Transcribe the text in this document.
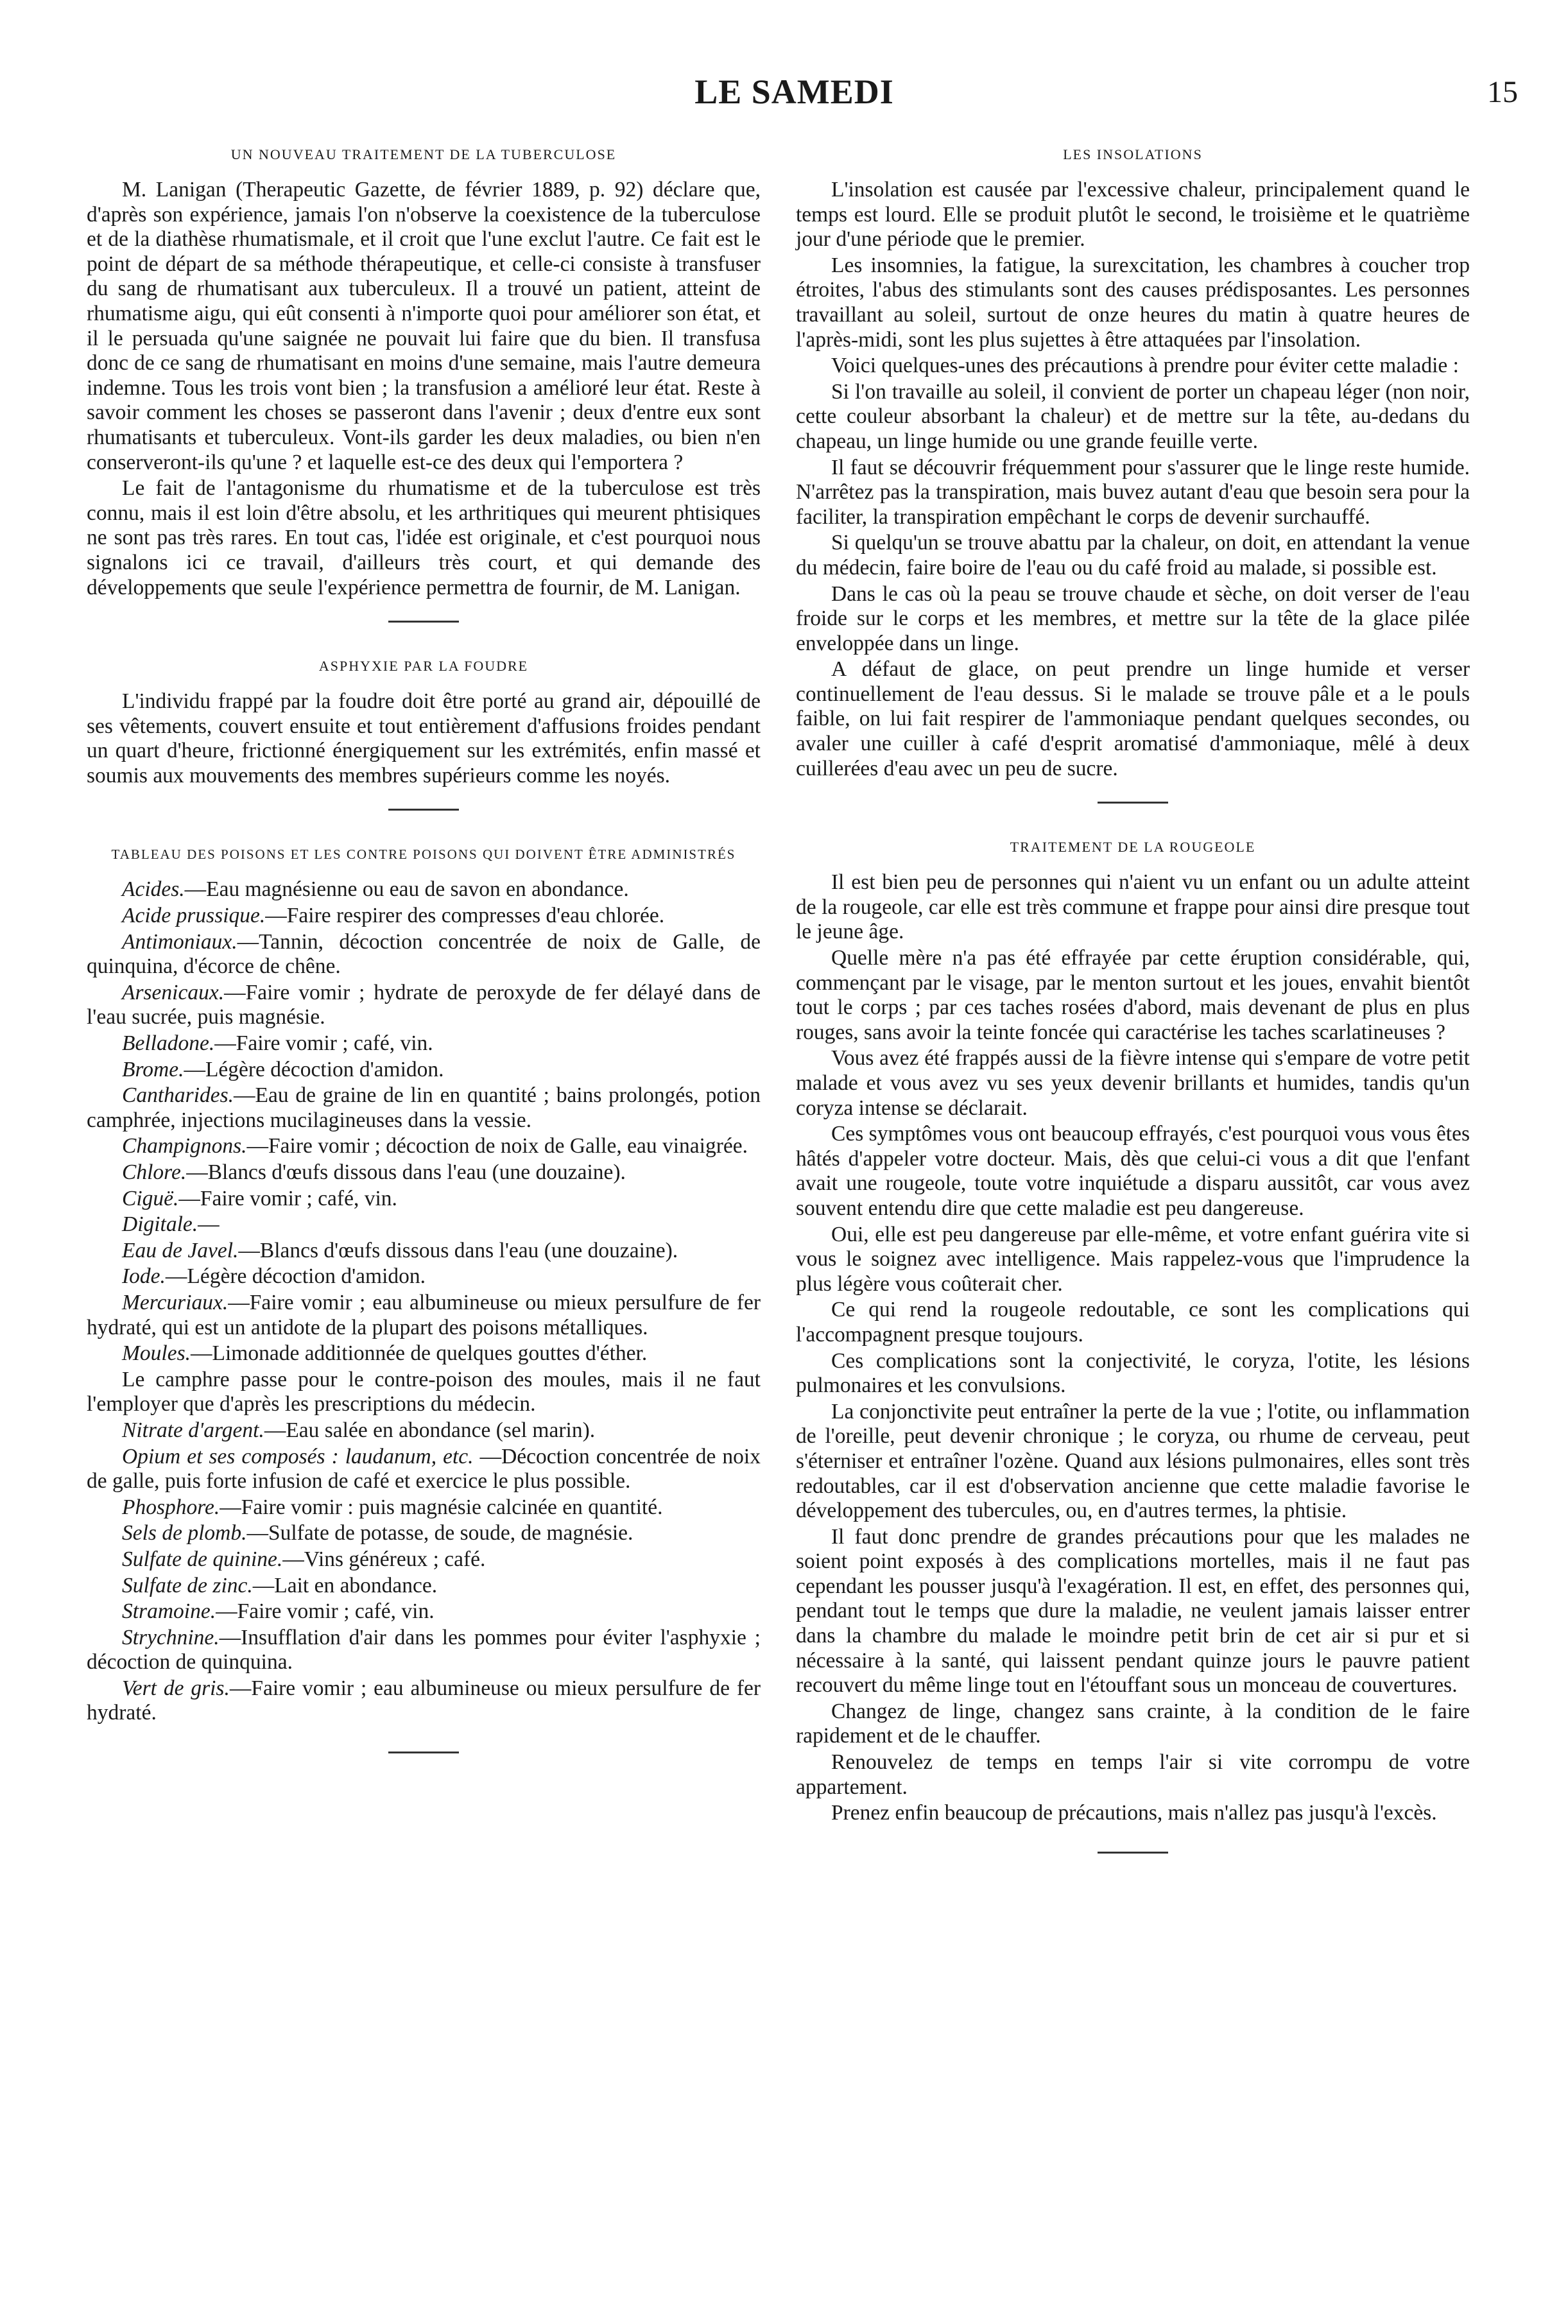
LE SAMEDI	15
UN NOUVEAU TRAITEMENT DE LA TUBERCULOSE

M. Lanigan (Therapeutic Gazette, de février 1889, p. 92) déclare que, d'après son expérience, jamais l'on n'observe la coexistence de la tuberculose et de la diathèse rhumatismale, et il croit que l'une exclut l'autre. Ce fait est le point de départ de sa méthode thérapeutique, et celle-ci consiste à transfuser du sang de rhumatisant aux tuberculeux. Il a trouvé un patient, atteint de rhumatisme aigu, qui eût consenti à n'importe quoi pour améliorer son état, et il le persuada qu'une saignée ne pouvait lui faire que du bien. Il transfusa donc de ce sang de rhumatisant en moins d'une semaine, mais l'autre demeura indemne. Tous les trois vont bien ; la transfusion a amélioré leur état. Reste à savoir comment les choses se passeront dans l'avenir ; deux d'entre eux sont rhumatisants et tuberculeux. Vont-ils garder les deux maladies, ou bien n'en conserveront-ils qu'une ? et laquelle est-ce des deux qui l'emportera ?

Le fait de l'antagonisme du rhumatisme et de la tuberculose est très connu, mais il est loin d'être absolu, et les arthritiques qui meurent phtisiques ne sont pas très rares. En tout cas, l'idée est originale, et c'est pourquoi nous signalons ici ce travail, d'ailleurs très court, et qui demande des développements que seule l'expérience permettra de fournir, de M. Lanigan.

ASPHYXIE PAR LA FOUDRE

L'individu frappé par la foudre doit être porté au grand air, dépouillé de ses vêtements, couvert ensuite et tout entièrement d'affusions froides pendant un quart d'heure, frictionné énergiquement sur les extrémités, enfin massé et soumis aux mouvements des membres supérieurs comme les noyés.

TABLEAU DES POISONS ET LES CONTRE POISONS QUI DOIVENT ÊTRE ADMINISTRÉS

Acides.—Eau magnésienne ou eau de savon en abondance.

Acide prussique.—Faire respirer des compresses d'eau chlorée.

Antimoniaux.—Tannin, décoction concentrée de noix de Galle, de quinquina, d'écorce de chêne.

Arsenicaux.—Faire vomir ; hydrate de peroxyde de fer délayé dans de l'eau sucrée, puis magnésie.

Belladone.—Faire vomir ; café, vin.

Brome.—Légère décoction d'amidon.

Cantharides.—Eau de graine de lin en quantité ; bains prolongés, potion camphrée, injections mucilagineuses dans la vessie.

Champignons.—Faire vomir ; décoction de noix de Galle, eau vinaigrée.

Chlore.—Blancs d'œufs dissous dans l'eau (une douzaine).

Ciguë.—Faire vomir ; café, vin.

Digitale.—

Eau de Javel.—Blancs d'œufs dissous dans l'eau (une douzaine).

Iode.—Légère décoction d'amidon.

Mercuriaux.—Faire vomir ; eau albumineuse ou mieux persulfure de fer hydraté, qui est un antidote de la plupart des poisons métalliques.

Moules.—Limonade additionnée de quelques gouttes d'éther.

Le camphre passe pour le contre-poison des moules, mais il ne faut l'employer que d'après les prescriptions du médecin.

Nitrate d'argent.—Eau salée en abondance (sel marin).

Opium et ses composés : laudanum, etc. —Décoction concentrée de noix de galle, puis forte infusion de café et exercice le plus possible.

Phosphore.—Faire vomir : puis magnésie calcinée en quantité.

Sels de plomb.—Sulfate de potasse, de soude, de magnésie.

Sulfate de quinine.—Vins généreux ; café.

Sulfate de zinc.—Lait en abondance.

Stramoine.—Faire vomir ; café, vin.

Strychnine.—Insufflation d'air dans les pommes pour éviter l'asphyxie ; décoction de quinquina.

Vert de gris.—Faire vomir ; eau albumineuse ou mieux persulfure de fer hydraté.

LES INSOLATIONS

L'insolation est causée par l'excessive chaleur, principalement quand le temps est lourd. Elle se produit plutôt le second, le troisième et le quatrième jour d'une période que le premier.

Les insomnies, la fatigue, la surexcitation, les chambres à coucher trop étroites, l'abus des stimulants sont des causes prédisposantes. Les personnes travaillant au soleil, surtout de onze heures du matin à quatre heures de l'après-midi, sont les plus sujettes à être attaquées par l'insolation.

Voici quelques-unes des précautions à prendre pour éviter cette maladie :

Si l'on travaille au soleil, il convient de porter un chapeau léger (non noir, cette couleur absorbant la chaleur) et de mettre sur la tête, au-dedans du chapeau, un linge humide ou une grande feuille verte.

Il faut se découvrir fréquemment pour s'assurer que le linge reste humide. N'arrêtez pas la transpiration, mais buvez autant d'eau que besoin sera pour la faciliter, la transpiration empêchant le corps de devenir surchauffé.

Si quelqu'un se trouve abattu par la chaleur, on doit, en attendant la venue du médecin, faire boire de l'eau ou du café froid au malade, si possible est.

Dans le cas où la peau se trouve chaude et sèche, on doit verser de l'eau froide sur le corps et les membres, et mettre sur la tête de la glace pilée enveloppée dans un linge.

A défaut de glace, on peut prendre un linge humide et verser continuellement de l'eau dessus. Si le malade se trouve pâle et a le pouls faible, on lui fait respirer de l'ammoniaque pendant quelques secondes, ou avaler une cuiller à café d'esprit aromatisé d'ammoniaque, mêlé à deux cuillerées d'eau avec un peu de sucre.

TRAITEMENT DE LA ROUGEOLE

Il est bien peu de personnes qui n'aient vu un enfant ou un adulte atteint de la rougeole, car elle est très commune et frappe pour ainsi dire presque tout le jeune âge.

Quelle mère n'a pas été effrayée par cette éruption considérable, qui, commençant par le visage, par le menton surtout et les joues, envahit bientôt tout le corps ; par ces taches rosées d'abord, mais devenant de plus en plus rouges, sans avoir la teinte foncée qui caractérise les taches scarlatineuses ?

Vous avez été frappés aussi de la fièvre intense qui s'empare de votre petit malade et vous avez vu ses yeux devenir brillants et humides, tandis qu'un coryza intense se déclarait.

Ces symptômes vous ont beaucoup effrayés, c'est pourquoi vous vous êtes hâtés d'appeler votre docteur. Mais, dès que celui-ci vous a dit que l'enfant avait une rougeole, toute votre inquiétude a disparu aussitôt, car vous avez souvent entendu dire que cette maladie est peu dangereuse.

Oui, elle est peu dangereuse par elle-même, et votre enfant guérira vite si vous le soignez avec intelligence. Mais rappelez-vous que l'imprudence la plus légère vous coûterait cher.

Ce qui rend la rougeole redoutable, ce sont les complications qui l'accompagnent presque toujours.

Ces complications sont la conjectivité, le coryza, l'otite, les lésions pulmonaires et les convulsions.

La conjonctivite peut entraîner la perte de la vue ; l'otite, ou inflammation de l'oreille, peut devenir chronique ; le coryza, ou rhume de cerveau, peut s'éterniser et entraîner l'ozène. Quand aux lésions pulmonaires, elles sont très redoutables, car il est d'observation ancienne que cette maladie favorise le développement des tubercules, ou, en d'autres termes, la phtisie.

Il faut donc prendre de grandes précautions pour que les malades ne soient point exposés à des complications mortelles, mais il ne faut pas cependant les pousser jusqu'à l'exagération. Il est, en effet, des personnes qui, pendant tout le temps que dure la maladie, ne veulent jamais laisser entrer dans la chambre du malade le moindre petit brin de cet air si pur et si nécessaire à la santé, qui laissent pendant quinze jours le pauvre patient recouvert du même linge tout en l'étouffant sous un monceau de couvertures.

Changez de linge, changez sans crainte, à la condition de le faire rapidement et de le chauffer.

Renouvelez de temps en temps l'air si vite corrompu de votre appartement.

Prenez enfin beaucoup de précautions, mais n'allez pas jusqu'à l'excès.
